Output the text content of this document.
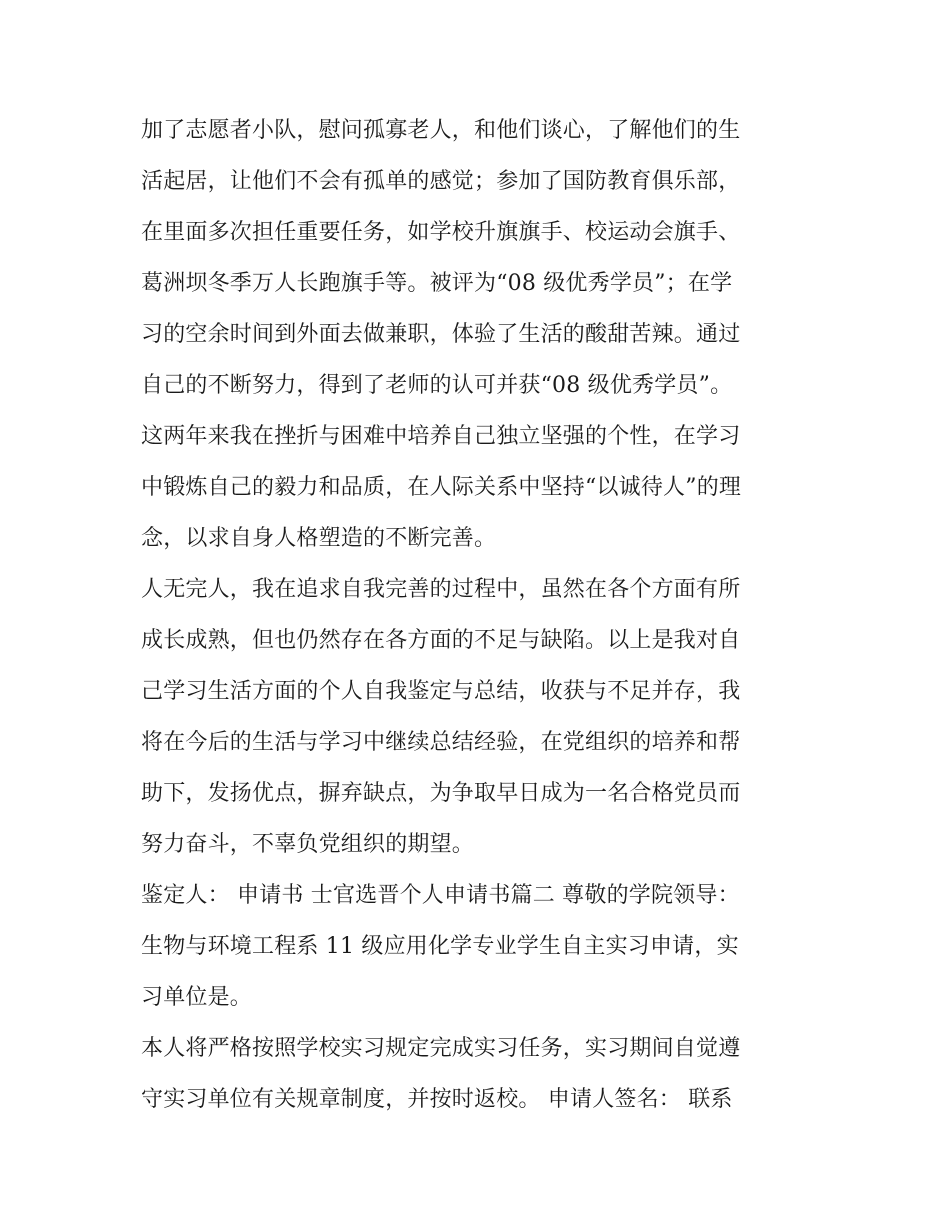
加了志愿者小队，慰问孤寡老人，和他们谈心，了解他们的生
活起居，让他们不会有孤单的感觉；参加了国防教育俱乐部，
在里面多次担任重要任务，如学校升旗旗手、校运动会旗手、
葛洲坝冬季万人长跑旗手等。被评为“08 级优秀学员”；在学
习的空余时间到外面去做兼职，体验了生活的酸甜苦辣。通过
自己的不断努力，得到了老师的认可并获“08 级优秀学员”。
这两年来我在挫折与困难中培养自己独立坚强的个性，在学习
中锻炼自己的毅力和品质，在人际关系中坚持“以诚待人”的理
念，以求自身人格塑造的不断完善。
人无完人，我在追求自我完善的过程中，虽然在各个方面有所
成长成熟，但也仍然存在各方面的不足与缺陷。以上是我对自
己学习生活方面的个人自我鉴定与总结，收获与不足并存，我
将在今后的生活与学习中继续总结经验，在党组织的培养和帮
助下，发扬优点，摒弃缺点，为争取早日成为一名合格党员而
努力奋斗，不辜负党组织的期望。
鉴定人： 申请书 士官选晋个人申请书篇二 尊敬的学院领导：
生物与环境工程系 11 级应用化学专业学生自主实习申请，实
习单位是。
本人将严格按照学校实习规定完成实习任务，实习期间自觉遵
守实习单位有关规章制度，并按时返校。 申请人签名： 联系
